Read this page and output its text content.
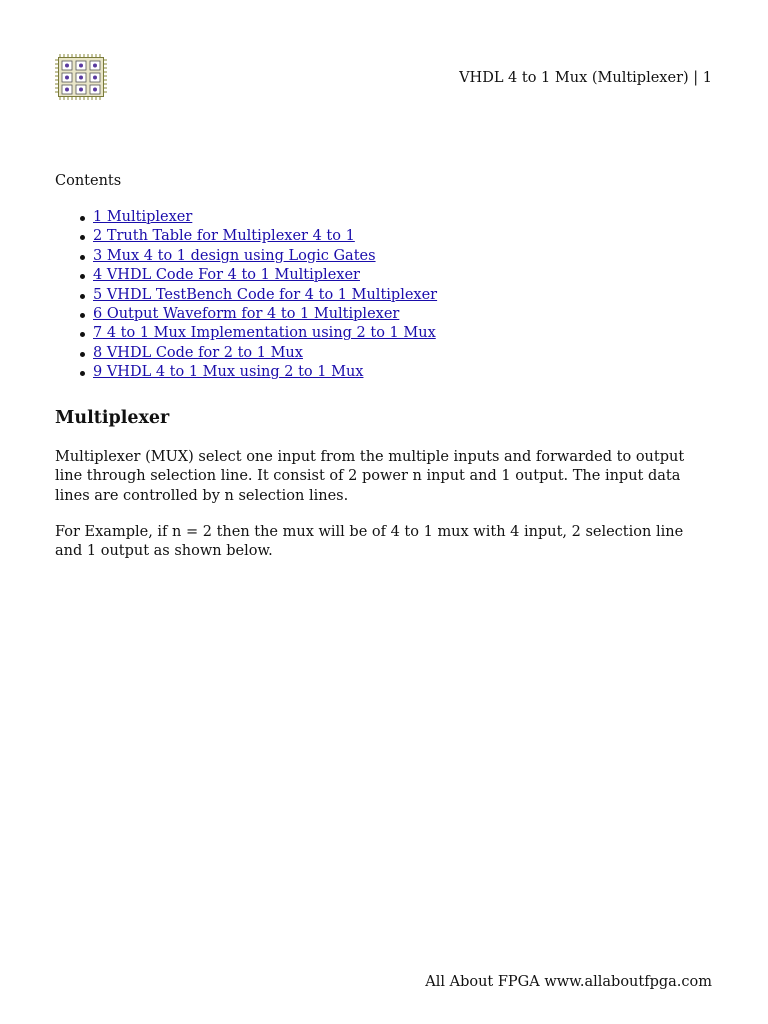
VHDL 4 to 1 Mux (Multiplexer) | 1
Contents
1 Multiplexer
2 Truth Table for Multiplexer 4 to 1
3 Mux 4 to 1 design using Logic Gates
4 VHDL Code For 4 to 1 Multiplexer
5 VHDL TestBench Code for 4 to 1 Multiplexer
6 Output Waveform for 4 to 1 Multiplexer
7 4 to 1 Mux Implementation using 2 to 1 Mux
8 VHDL Code for 2 to 1 Mux
9 VHDL 4 to 1 Mux using 2 to 1 Mux
Multiplexer

Multiplexer (MUX) select one input from the multiple inputs and forwarded to output line through selection line. It consist of 2 power n input and 1 output. The input data lines are controlled by n selection lines.

For Example, if n = 2 then the mux will be of 4 to 1 mux with 4 input, 2 selection line and 1 output as shown below.

All About FPGA www.allaboutfpga.com
